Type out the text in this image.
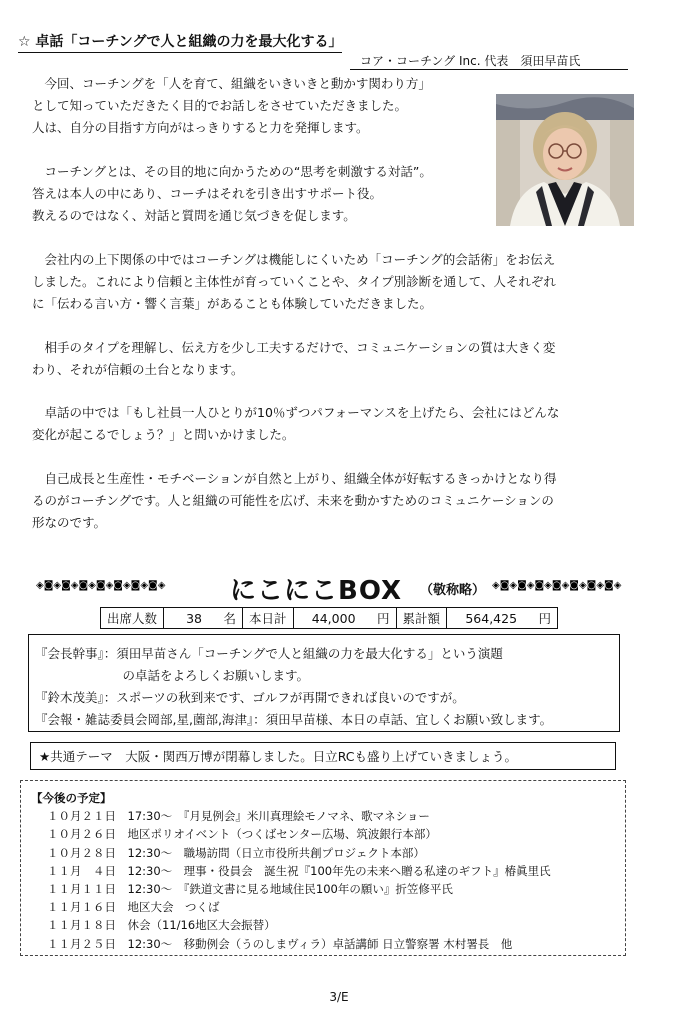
☆ 卓話「コーチングで人と組織の力を最大化する」
コア・コーチング Inc. 代表　須田早苗氏

今回、コーチングを「人を育て、組織をいきいきと動かす関わり方」
として知っていただきたく目的でお話しをさせていただきました。
人は、自分の目指す方向がはっきりすると力を発揮します。

コーチングとは、その目的地に向かうための“思考を刺激する対話”。
答えは本人の中にあり、コーチはそれを引き出すサポート役。
教えるのではなく、対話と質問を通じ気づきを促します。

会社内の上下関係の中ではコーチングは機能しにくいため「コーチング的会話術」をお伝え
しました。これにより信頼と主体性が育っていくことや、タイプ別診断を通して、人それぞれ
に「伝わる言い方・響く言葉」があることも体験していただきました。

相手のタイプを理解し、伝え方を少し工夫するだけで、コミュニケーションの質は大きく変
わり、それが信頼の土台となります。

卓話の中では「もし社員一人ひとりが10％ずつパフォーマンスを上げたら、会社にはどんな
変化が起こるでしょう？」と問いかけました。

自己成長と生産性・モチベーションが自然と上がり、組織全体が好転するきっかけとなり得
るのがコーチングです。人と組織の可能性を広げ、未来を動かすためのコミュニケーションの
形なのです。

◈◙◈◙◈◙◈◙◈◙◈◙◈◙◈ にこにこBOX （敬称略） ◈◙◈◙◈◙◈◙◈◙◈◙◈◙◈
出席人数	38	名	本日計	44,000	円	累計額	564,425	円
『会長幹事』：須田早苗さん「コーチングで人と組織の力を最大化する」という演題
　　　　　　　の卓話をよろしくお願いします。
『鈴木茂美』：スポーツの秋到来です、ゴルフが再開できれば良いのですが。
『会報・雑誌委員会岡部,星,薗部,海津』：須田早苗様、本日の卓話、宜しくお願い致します。
★共通テーマ　大阪・関西万博が閉幕しました。日立RCも盛り上げていきましょう。
【今後の予定】
１０月２１日　17:30～　『月見例会』米川真理絵モノマネ、歌マネショー
１０月２６日　地区ポリオイベント（つくばセンター広場、筑波銀行本部）
１０月２８日　12:30～　職場訪問（日立市役所共創プロジェクト本部）
１１月　４日　12:30～　理事・役員会　誕生祝『100年先の未来へ贈る私達のギフト』椿眞里氏
１１月１１日　12:30～　『鉄道文書に見る地域住民100年の願い』折笠修平氏
１１月１６日　地区大会　つくば
１１月１８日　休会（11/16地区大会振替）
１１月２５日　12:30～　移動例会（うのしまヴィラ）卓話講師 日立警察署 木村署長　他
3/E
